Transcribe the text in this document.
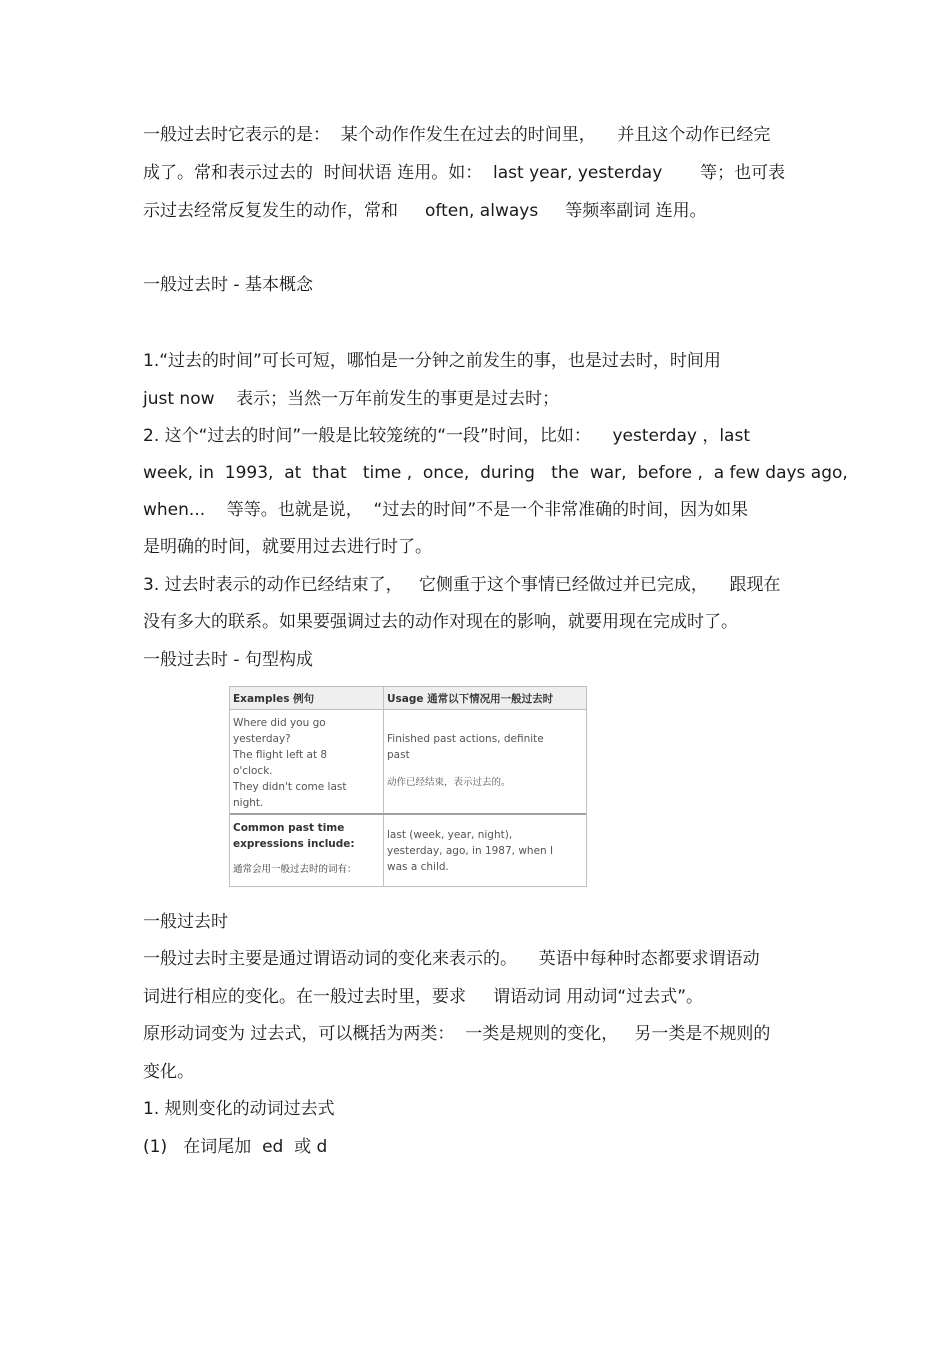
一般过去时它表示的是：  某个动作作发生在过去的时间里，    并且这个动作已经完

成了。常和表示过去的  时间状语 连用。如：  last year, yesterday       等；也可表

示过去经常反复发生的动作，常和     often, always     等频率副词 连用。

一般过去时 - 基本概念

1.“过去的时间”可长可短，哪怕是一分钟之前发生的事，也是过去时，时间用

just now    表示；当然一万年前发生的事更是过去时；

2. 这个“过去的时间”一般是比较笼统的“一段”时间，比如：    yesterday ，last

week, in  1993,  at  that   time ,  once,  during   the  war,  before ,  a few days ago,

when...    等等。也就是说，  “过去的时间”不是一个非常准确的时间，因为如果

是明确的时间，就要用过去进行时了。

3. 过去时表示的动作已经结束了，   它侧重于这个事情已经做过并已完成，    跟现在

没有多大的联系。如果要强调过去的动作对现在的影响，就要用现在完成时了。

一般过去时 - 句型构成

Examples 例句	Usage 通常以下情况用一般过去时
Where did you go
yesterday?
The flight left at 8
o'clock.
They didn't come last
night.
Finished past actions, definite
past
动作已经结束，表示过去的。
Common past time
expressions include:
通常会用一般过去时的词有：
last (week, year, night),
yesterday, ago, in 1987, when I
was a child.

一般过去时

一般过去时主要是通过谓语动词的变化来表示的。    英语中每种时态都要求谓语动

词进行相应的变化。在一般过去时里，要求     谓语动词 用动词“过去式”。

原形动词变为 过去式，可以概括为两类：  一类是规则的变化，   另一类是不规则的

变化。

1. 规则变化的动词过去式

(1)   在词尾加  ed  或 d
